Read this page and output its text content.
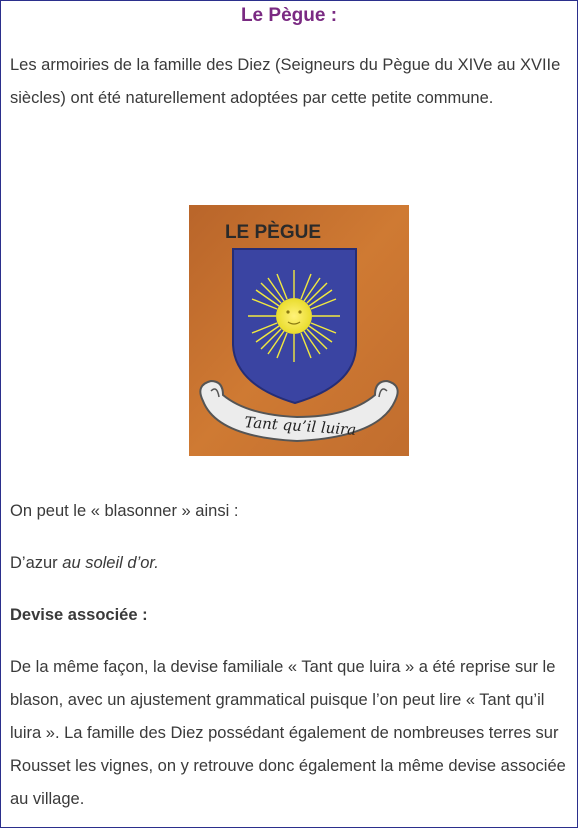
Le Pègue :

Les armoiries de la famille des Diez (Seigneurs du Pègue du XIVe au XVIIe siècles) ont été naturellement adoptées par cette petite commune.

LE PÈGUE
Tant qu’il luira

On peut le « blasonner » ainsi :

D’azur au soleil d’or.

Devise associée :

De la même façon, la devise familiale « Tant que luira » a été reprise sur le blason, avec un ajustement grammatical puisque l’on peut lire « Tant qu’il luira ». La famille des Diez possédant également de nombreuses terres sur Rousset les vignes, on y retrouve donc également la même devise associée au village.
